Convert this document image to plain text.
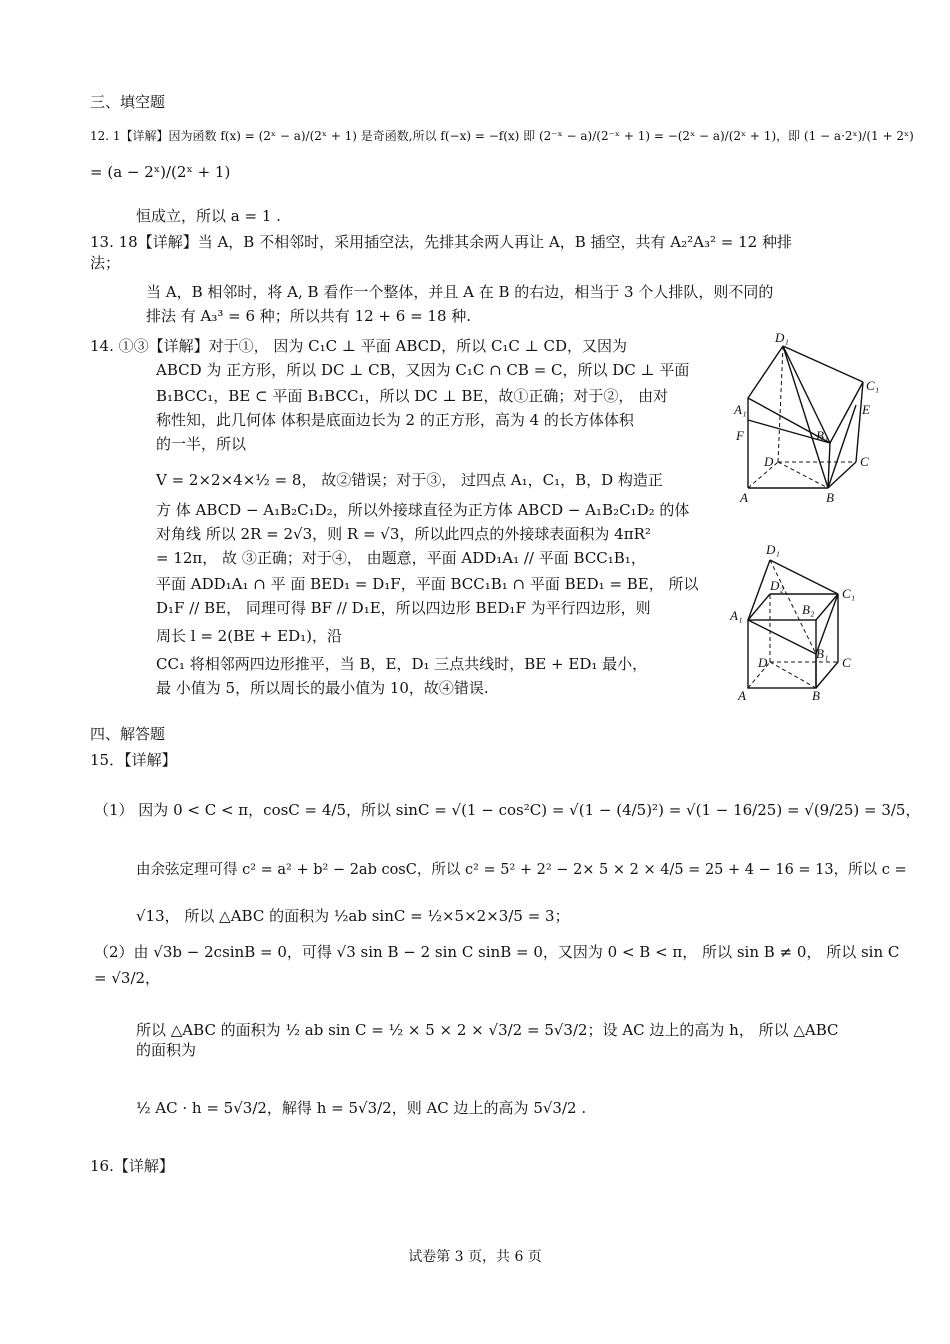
三、填空题
12. 1【详解】因为函数 f(x) = (2ˣ − a)/(2ˣ + 1) 是奇函数,所以 f(−x) = −f(x) 即 (2⁻ˣ − a)/(2⁻ˣ + 1) = −(2ˣ − a)/(2ˣ + 1)，即 (1 − a·2ˣ)/(1 + 2ˣ)
= (a − 2ˣ)/(2ˣ + 1)
恒成立，所以 a = 1 .
13. 18【详解】当 A，B 不相邻时，采用插空法，先排其余两人再让 A，B 插空，共有 A₂²A₃² = 12 种排
法；
当 A，B 相邻时，将 A, B 看作一个整体，并且 A 在 B 的右边，相当于 3 个人排队，则不同的
排法 有 A₃³ = 6 种；所以共有 12 + 6 = 18 种.
14. ①③【详解】对于①， 因为 C₁C ⊥ 平面 ABCD，所以 C₁C ⊥ CD，又因为
ABCD 为 正方形，所以 DC ⊥ CB，又因为 C₁C ∩ CB = C，所以 DC ⊥ 平面
B₁BCC₁，BE ⊂ 平面 B₁BCC₁，所以 DC ⊥ BE，故①正确；对于②， 由对
称性知，此几何体 体积是底面边长为 2 的正方形，高为 4 的长方体体积
的一半，所以
V = 2×2×4×½ = 8， 故②错误；对于③， 过四点 A₁，C₁，B，D 构造正
方 体 ABCD − A₁B₂C₁D₂，所以外接球直径为正方体 ABCD − A₁B₂C₁D₂ 的体
对角线 所以 2R = 2√3，则 R = √3，所以此四点的外接球表面积为 4πR²
= 12π， 故 ③正确；对于④， 由题意，平面 ADD₁A₁ // 平面 BCC₁B₁，
平面 ADD₁A₁ ∩ 平 面 BED₁ = D₁F，平面 BCC₁B₁ ∩ 平面 BED₁ = BE， 所以
D₁F // BE， 同理可得 BF // D₁E，所以四边形 BED₁F 为平行四边形，则
周长 l = 2(BE + ED₁)，沿
CC₁ 将相邻两四边形推平，当 B，E，D₁ 三点共线时，BE + ED₁ 最小，
最 小值为 5，所以周长的最小值为 10，故④错误.
D₁
C₁
A₁	E
F	B₁
D	C
A	B
D₁
D₂
C₁
B₂
A₁
B₁
D	C
A	B
四、解答题
15．【详解】
（1） 因为 0 < C < π，cosC = 4/5，所以 sinC = √(1 − cos²C) = √(1 − (4/5)²) = √(1 − 16/25) = √(9/25) = 3/5，
由余弦定理可得 c² = a² + b² − 2ab cosC，所以 c² = 5² + 2² − 2× 5 × 2 × 4/5 = 25 + 4 − 16 = 13，所以 c =
√13， 所以 △ABC 的面积为 ½ab sinC = ½×5×2×3/5 = 3；
（2）由 √3b − 2csinB = 0，可得 √3 sin B − 2 sin C sinB = 0，又因为 0 < B < π， 所以 sin B ≠ 0， 所以 sin C
= √3/2，
所以 △ABC 的面积为 ½ ab sin C = ½ × 5 × 2 × √3/2 = 5√3/2；设 AC 边上的高为 h， 所以 △ABC
的面积为
½ AC · h = 5√3/2，解得 h = 5√3/2，则 AC 边上的高为 5√3/2 .
16.【详解】
试卷第 3 页，共 6 页
